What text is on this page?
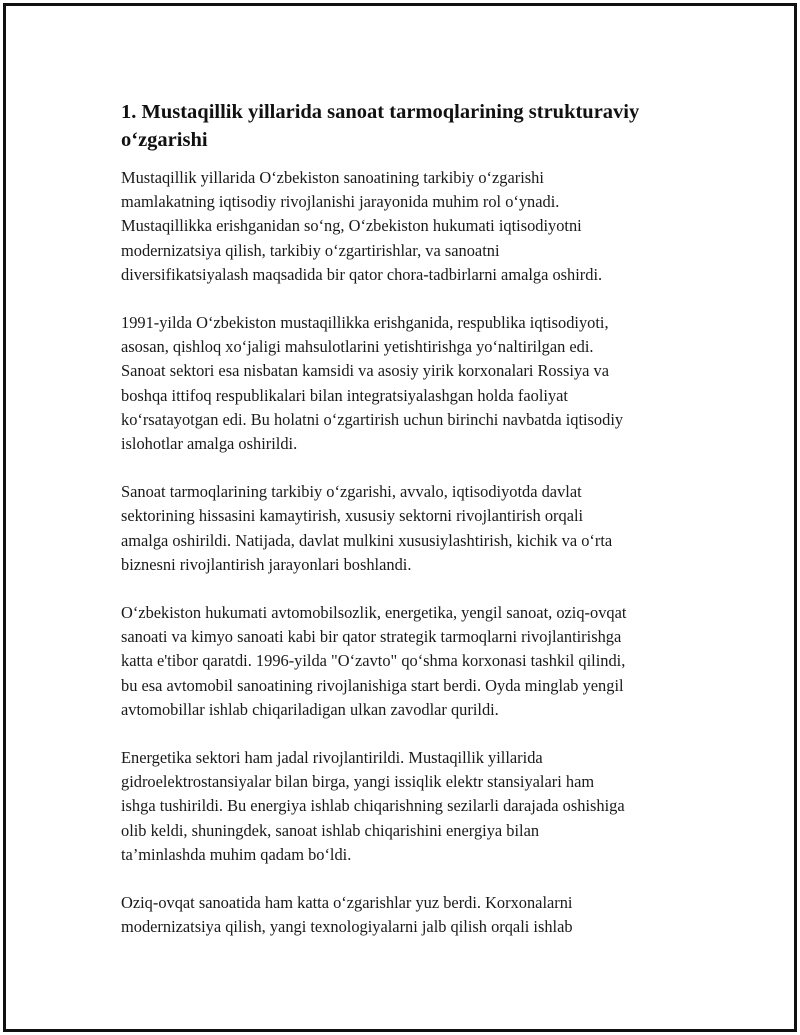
1. Mustaqillik yillarida sanoat tarmoqlarining strukturaviy
o‘zgarishi

Mustaqillik yillarida O‘zbekiston sanoatining tarkibiy o‘zgarishi
mamlakatning iqtisodiy rivojlanishi jarayonida muhim rol o‘ynadi.
Mustaqillikka erishganidan so‘ng, O‘zbekiston hukumati iqtisodiyotni
modernizatsiya qilish, tarkibiy o‘zgartirishlar, va sanoatni
diversifikatsiyalash maqsadida bir qator chora-tadbirlarni amalga oshirdi.

1991-yilda O‘zbekiston mustaqillikka erishganida, respublika iqtisodiyoti,
asosan, qishloq xo‘jaligi mahsulotlarini yetishtirishga yo‘naltirilgan edi.
Sanoat sektori esa nisbatan kamsidi va asosiy yirik korxonalari Rossiya va
boshqa ittifoq respublikalari bilan integratsiyalashgan holda faoliyat
ko‘rsatayotgan edi. Bu holatni o‘zgartirish uchun birinchi navbatda iqtisodiy
islohotlar amalga oshirildi.

Sanoat tarmoqlarining tarkibiy o‘zgarishi, avvalo, iqtisodiyotda davlat
sektorining hissasini kamaytirish, xususiy sektorni rivojlantirish orqali
amalga oshirildi. Natijada, davlat mulkini xususiylashtirish, kichik va o‘rta
biznesni rivojlantirish jarayonlari boshlandi.

O‘zbekiston hukumati avtomobilsozlik, energetika, yengil sanoat, oziq-ovqat
sanoati va kimyo sanoati kabi bir qator strategik tarmoqlarni rivojlantirishga
katta e'tibor qaratdi. 1996-yilda "O‘zavto" qo‘shma korxonasi tashkil qilindi,
bu esa avtomobil sanoatining rivojlanishiga start berdi. Oyda minglab yengil
avtomobillar ishlab chiqariladigan ulkan zavodlar qurildi.

Energetika sektori ham jadal rivojlantirildi. Mustaqillik yillarida
gidroelektrostansiyalar bilan birga, yangi issiqlik elektr stansiyalari ham
ishga tushirildi. Bu energiya ishlab chiqarishning sezilarli darajada oshishiga
olib keldi, shuningdek, sanoat ishlab chiqarishini energiya bilan
ta’minlashda muhim qadam bo‘ldi.

Oziq-ovqat sanoatida ham katta o‘zgarishlar yuz berdi. Korxonalarni
modernizatsiya qilish, yangi texnologiyalarni jalb qilish orqali ishlab
